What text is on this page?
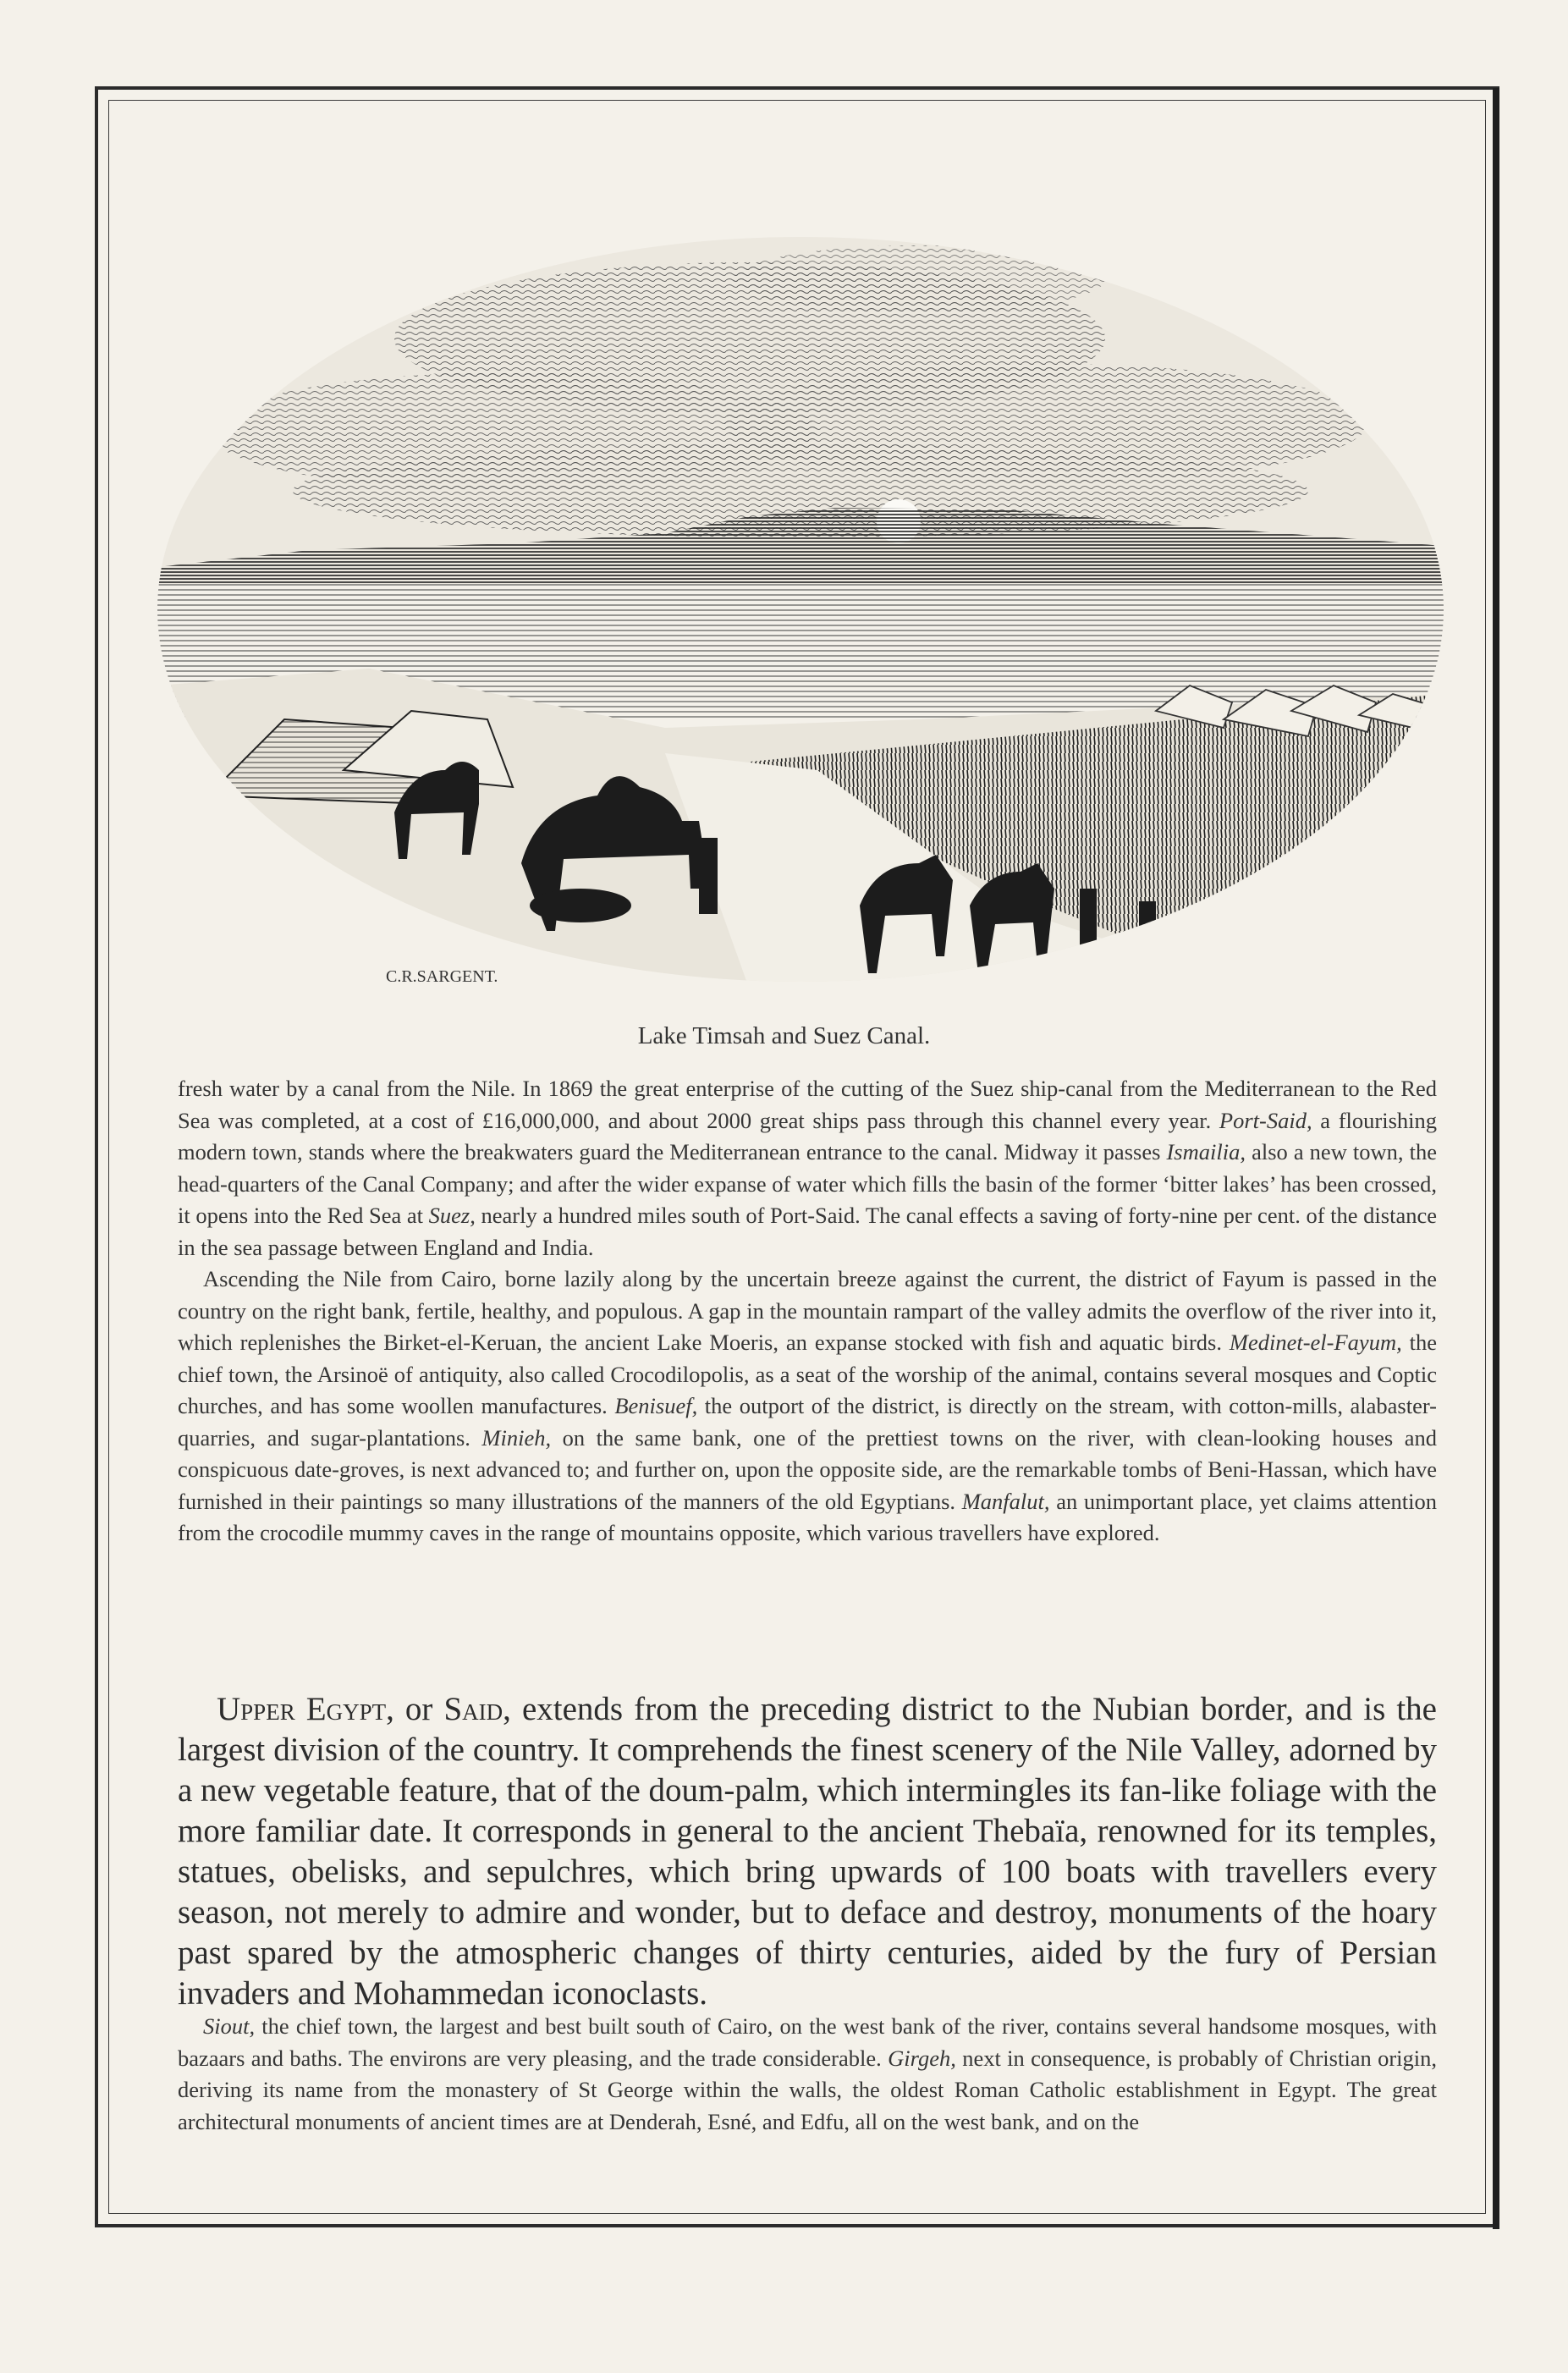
C.R.SARGENT.
Lake Timsah and Suez Canal.

fresh water by a canal from the Nile. In 1869 the great enterprise of the cutting of the Suez ship-canal from the Mediterranean to the Red Sea was completed, at a cost of £16,000,000, and about 2000 great ships pass through this channel every year. Port-Said, a flourishing modern town, stands where the breakwaters guard the Mediterranean entrance to the canal. Midway it passes Ismailia, also a new town, the head-quarters of the Canal Company; and after the wider expanse of water which fills the basin of the former ‘bitter lakes’ has been crossed, it opens into the Red Sea at Suez, nearly a hundred miles south of Port-Said. The canal effects a saving of forty-nine per cent. of the distance in the sea passage between England and India.

Ascending the Nile from Cairo, borne lazily along by the uncertain breeze against the current, the district of Fayum is passed in the country on the right bank, fertile, healthy, and populous. A gap in the mountain rampart of the valley admits the overflow of the river into it, which replenishes the Birket-el-Keruan, the ancient Lake Moeris, an expanse stocked with fish and aquatic birds. Medinet-el-Fayum, the chief town, the Arsinoë of antiquity, also called Crocodilopolis, as a seat of the worship of the animal, contains several mosques and Coptic churches, and has some woollen manufactures. Benisuef, the outport of the district, is directly on the stream, with cotton-mills, alabaster-quarries, and sugar-plantations. Minieh, on the same bank, one of the prettiest towns on the river, with clean-looking houses and conspicuous date-groves, is next advanced to; and further on, upon the opposite side, are the remarkable tombs of Beni-Hassan, which have furnished in their paintings so many illustrations of the manners of the old Egyptians. Manfalut, an unimportant place, yet claims attention from the crocodile mummy caves in the range of mountains opposite, which various travellers have explored.

Upper Egypt, or Said, extends from the preceding district to the Nubian border, and is the largest division of the country. It comprehends the finest scenery of the Nile Valley, adorned by a new vegetable feature, that of the doum-palm, which intermingles its fan-like foliage with the more familiar date. It corresponds in general to the ancient Thebaïa, renowned for its temples, statues, obelisks, and sepulchres, which bring upwards of 100 boats with travellers every season, not merely to admire and wonder, but to deface and destroy, monuments of the hoary past spared by the atmospheric changes of thirty centuries, aided by the fury of Persian invaders and Mohammedan iconoclasts.

Siout, the chief town, the largest and best built south of Cairo, on the west bank of the river, contains several handsome mosques, with bazaars and baths. The environs are very pleasing, and the trade considerable. Girgeh, next in consequence, is probably of Christian origin, deriving its name from the monastery of St George within the walls, the oldest Roman Catholic establishment in Egypt. The great architectural monuments of ancient times are at Denderah, Esné, and Edfu, all on the west bank, and on the
